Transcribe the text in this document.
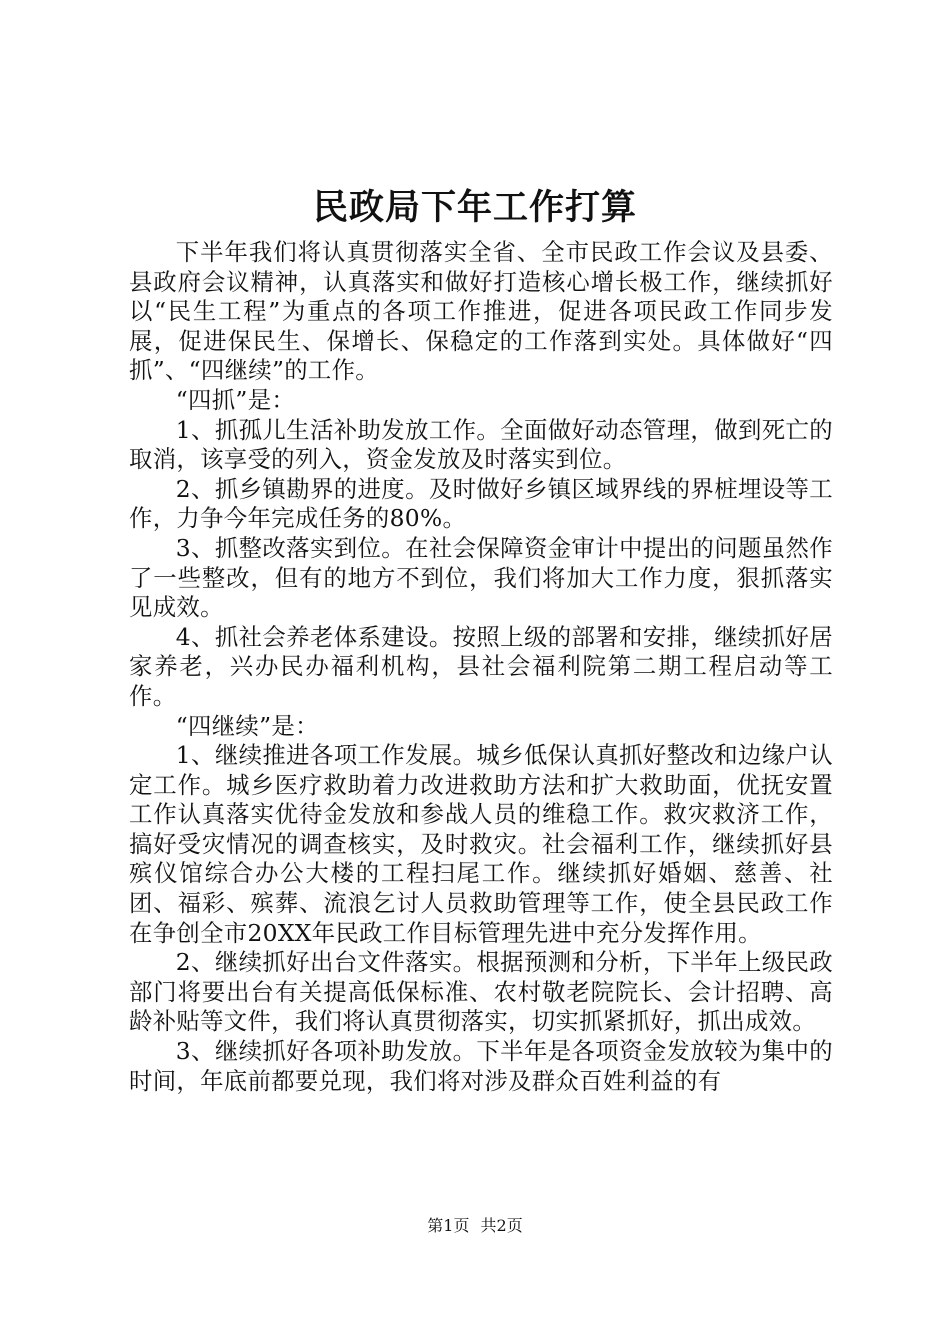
民政局下年工作打算

下半年我们将认真贯彻落实全省、全市民政工作会议及县委、县政府会议精神，认真落实和做好打造核心增长极工作，继续抓好以“民生工程”为重点的各项工作推进，促进各项民政工作同步发展，促进保民生、保增长、保稳定的工作落到实处。具体做好“四抓”、“四继续”的工作。

“四抓”是：

1、抓孤儿生活补助发放工作。全面做好动态管理，做到死亡的取消，该享受的列入，资金发放及时落实到位。

2、抓乡镇勘界的进度。及时做好乡镇区域界线的界桩埋设等工作，力争今年完成任务的80%。

3、抓整改落实到位。在社会保障资金审计中提出的问题虽然作了一些整改，但有的地方不到位，我们将加大工作力度，狠抓落实见成效。

4、抓社会养老体系建设。按照上级的部署和安排，继续抓好居家养老，兴办民办福利机构，县社会福利院第二期工程启动等工作。

“四继续”是：

1、继续推进各项工作发展。城乡低保认真抓好整改和边缘户认定工作。城乡医疗救助着力改进救助方法和扩大救助面，优抚安置工作认真落实优待金发放和参战人员的维稳工作。救灾救济工作，搞好受灾情况的调查核实，及时救灾。社会福利工作，继续抓好县殡仪馆综合办公大楼的工程扫尾工作。继续抓好婚姻、慈善、社团、福彩、殡葬、流浪乞讨人员救助管理等工作，使全县民政工作在争创全市20XX年民政工作目标管理先进中充分发挥作用。

2、继续抓好出台文件落实。根据预测和分析，下半年上级民政部门将要出台有关提高低保标准、农村敬老院院长、会计招聘、高龄补贴等文件，我们将认真贯彻落实，切实抓紧抓好，抓出成效。

3、继续抓好各项补助发放。下半年是各项资金发放较为集中的时间，年底前都要兑现，我们将对涉及群众百姓利益的有

第1页 共2页
